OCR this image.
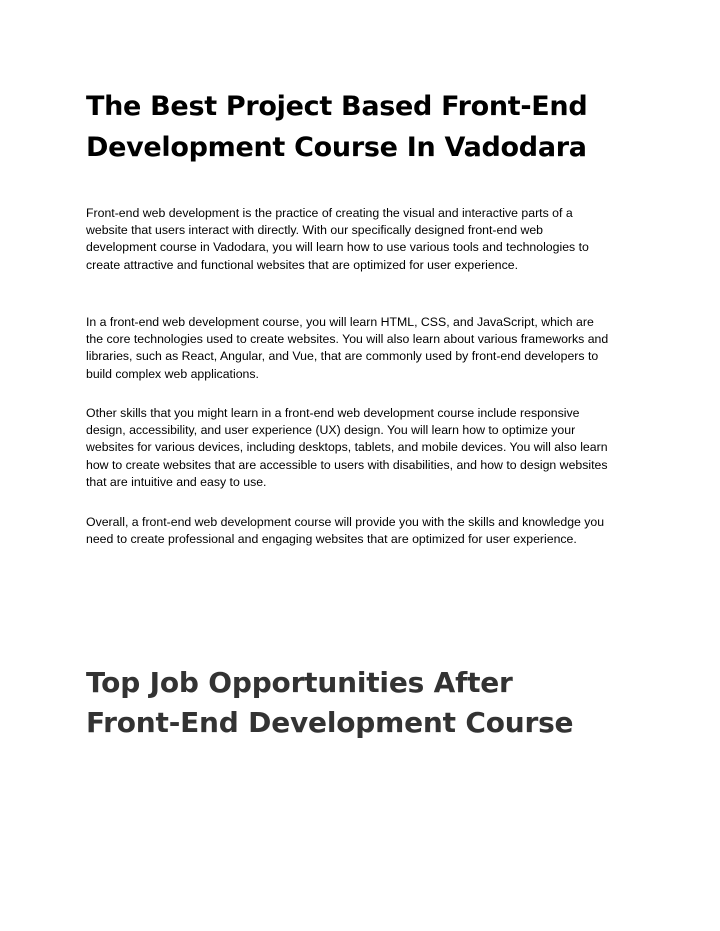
The Best Project Based Front-End
Development Course In Vadodara

Front-end web development is the practice of creating the visual and interactive parts of a
website that users interact with directly. With our specifically designed front-end web
development course in Vadodara, you will learn how to use various tools and technologies to
create attractive and functional websites that are optimized for user experience.

In a front-end web development course, you will learn HTML, CSS, and JavaScript, which are
the core technologies used to create websites. You will also learn about various frameworks and
libraries, such as React, Angular, and Vue, that are commonly used by front-end developers to
build complex web applications.

Other skills that you might learn in a front-end web development course include responsive
design, accessibility, and user experience (UX) design. You will learn how to optimize your
websites for various devices, including desktops, tablets, and mobile devices. You will also learn
how to create websites that are accessible to users with disabilities, and how to design websites
that are intuitive and easy to use.

Overall, a front-end web development course will provide you with the skills and knowledge you
need to create professional and engaging websites that are optimized for user experience.

Top Job Opportunities After
Front-End Development Course
